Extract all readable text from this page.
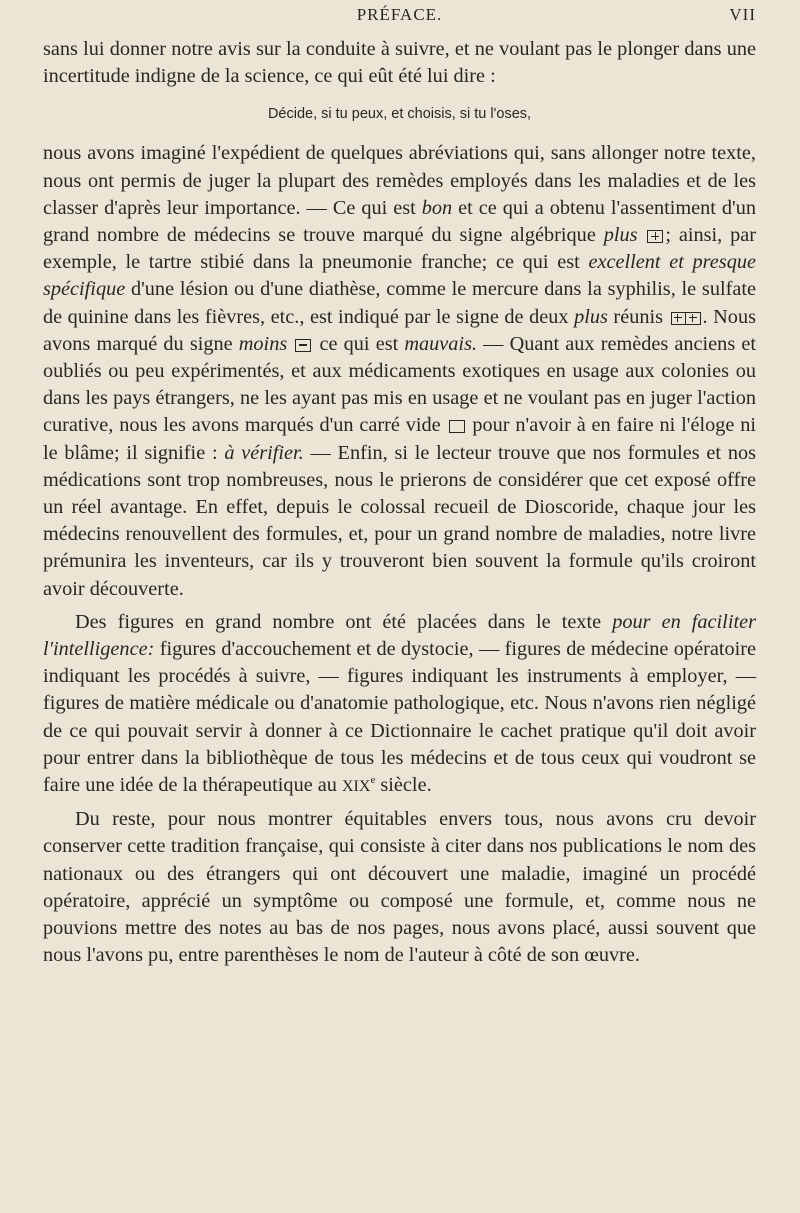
PRÉFACE.	VII

sans lui donner notre avis sur la conduite à suivre, et ne voulant pas le plonger dans une incertitude indigne de la science, ce qui eût été lui dire :

Décide, si tu peux, et choisis, si tu l'oses,

nous avons imaginé l'expédient de quelques abréviations qui, sans allonger notre texte, nous ont permis de juger la plupart des remèdes employés dans les maladies et de les classer d'après leur importance. — Ce qui est bon et ce qui a obtenu l'assentiment d'un grand nombre de médecins se trouve marqué du signe algébrique plus ; ainsi, par exemple, le tartre stibié dans la pneumonie franche; ce qui est excellent et presque spécifique d'une lésion ou d'une diathèse, comme le mercure dans la syphilis, le sulfate de quinine dans les fièvres, etc., est indiqué par le signe de deux plus réunis
. Nous avons marqué du signe moins
ce qui est mauvais. — Quant aux remèdes anciens et oubliés ou peu expérimentés, et aux médicaments exotiques en usage aux colonies ou dans les pays étrangers, ne les ayant pas mis en usage et ne voulant pas en juger l'action curative, nous les avons marqués d'un carré vide  pour n'avoir à en faire ni l'éloge ni le blâme; il signifie : à vérifier. — Enfin, si le lecteur trouve que nos formules et nos médications sont trop nombreuses, nous le prierons de considérer que cet exposé offre un réel avantage. En effet, depuis le colossal recueil de Dioscoride, chaque jour les médecins renouvellent des formules, et, pour un grand nombre de maladies, notre livre prémunira les inventeurs, car ils y trouveront bien souvent la formule qu'ils croiront avoir découverte.

Des figures en grand nombre ont été placées dans le texte pour en faciliter l'intelligence: figures d'accouchement et de dystocie, — figures de médecine opératoire indiquant les procédés à suivre, — figures indiquant les instruments à employer, — figures de matière médicale ou d'anatomie pathologique, etc. Nous n'avons rien négligé de ce qui pouvait servir à donner à ce Dictionnaire le cachet pratique qu'il doit avoir pour entrer dans la bibliothèque de tous les médecins et de tous ceux qui voudront se faire une idée de la thérapeutique au XIXe siècle.

Du reste, pour nous montrer équitables envers tous, nous avons cru devoir conserver cette tradition française, qui consiste à citer dans nos publications le nom des nationaux ou des étrangers qui ont découvert une maladie, imaginé un procédé opératoire, apprécié un symptôme ou composé une formule, et, comme nous ne pouvions mettre des notes au bas de nos pages, nous avons placé, aussi souvent que nous l'avons pu, entre parenthèses le nom de l'auteur à côté de son œuvre.
